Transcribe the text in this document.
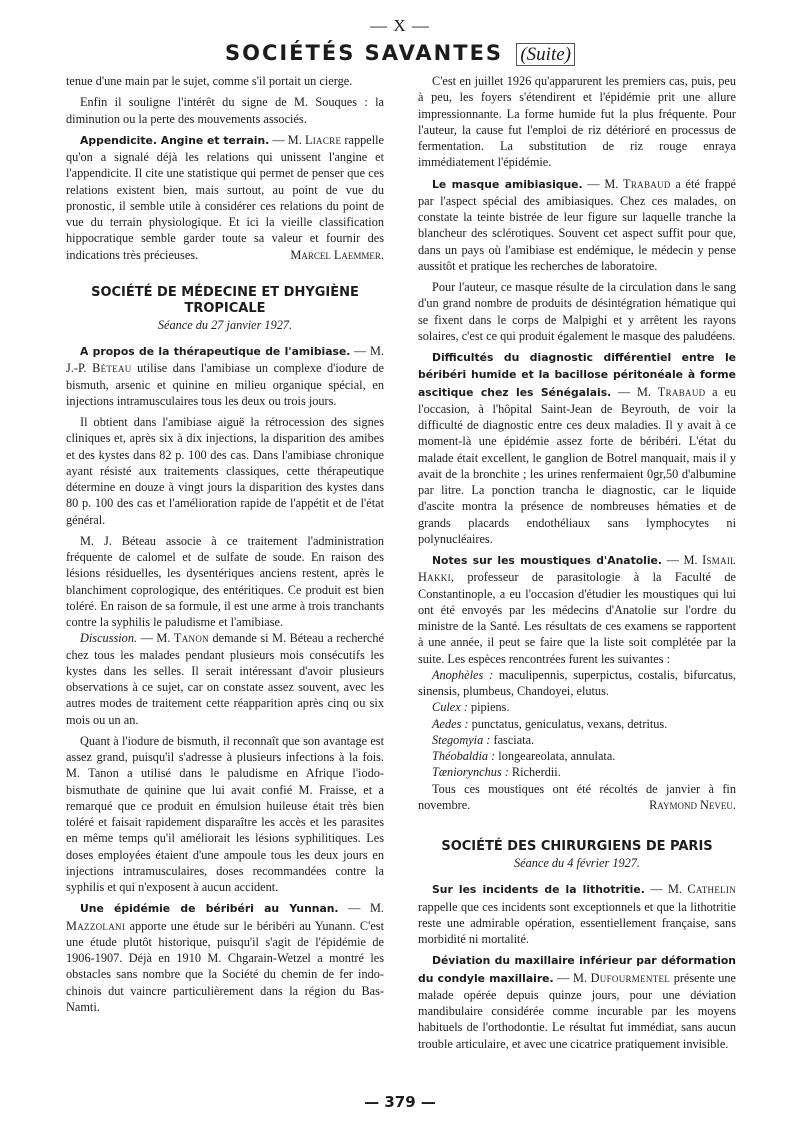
— X —
SOCIÉTÉS SAVANTES (Suite)

tenue d'une main par le sujet, comme s'il portait un cierge.

Enfin il souligne l'intérêt du signe de M. Souques : la diminution ou la perte des mouvements associés.

Appendicite. Angine et terrain. — M. Liacre rappelle qu'on a signalé déjà les relations qui unissent l'angine et l'appendicite. Il cite une statistique qui permet de penser que ces relations existent bien, mais surtout, au point de vue du pronostic, il semble utile à considérer ces relations du point de vue du terrain physiologique. Et ici la vieille classification hippocratique semble garder toute sa valeur et fournir des indications très précieuses.	Marcel Laemmer.

SOCIÉTÉ DE MÉDECINE ET DHYGIÈNE
TROPICALE

Séance du 27 janvier 1927.

A propos de la thérapeutique de l'amibiase. — M. J.-P. Béteau utilise dans l'amibiase un complexe d'iodure de bismuth, arsenic et quinine en milieu organique spécial, en injections intramusculaires tous les deux ou trois jours.

Il obtient dans l'amibiase aiguë la rétrocession des signes cliniques et, après six à dix injections, la disparition des amibes et des kystes dans 82 p. 100 des cas. Dans l'amibiase chronique ayant résisté aux traitements classiques, cette thérapeutique détermine en douze à vingt jours la disparition des kystes dans 80 p. 100 des cas et l'amélioration rapide de l'appétit et de l'état général.

M. J. Béteau associe à ce traitement l'administration fréquente de calomel et de sulfate de soude. En raison des lésions résiduelles, les dysentériques anciens restent, après le blanchiment coprologique, des entéritiques. Ce produit est bien toléré. En raison de sa formule, il est une arme à trois tranchants contre la syphilis le paludisme et l'amibiase.

Discussion. — M. Tanon demande si M. Béteau a recherché chez tous les malades pendant plusieurs mois consécutifs les kystes dans les selles. Il serait intéressant d'avoir plusieurs observations à ce sujet, car on constate assez souvent, avec les autres modes de traitement cette réapparition après cinq ou six mois ou un an.

Quant à l'iodure de bismuth, il reconnaît que son avantage est assez grand, puisqu'il s'adresse à plusieurs infections à la fois. M. Tanon a utilisé dans le paludisme en Afrique l'iodo-bismuthate de quinine que lui avait confié M. Fraisse, et a remarqué que ce produit en émulsion huileuse était très bien toléré et faisait rapidement disparaître les accès et les parasites en même temps qu'il améliorait les lésions syphilitiques. Les doses employées étaient d'une ampoule tous les deux jours en injections intramusculaires, doses recommandées contre la syphilis et qui n'exposent à aucun accident.

Une épidémie de béribéri au Yunnan. — M. Mazzolani apporte une étude sur le béribéri au Yunann. C'est une étude plutôt historique, puisqu'il s'agit de l'épidémie de 1906-1907. Déjà en 1910 M. Chgarain-Wetzel a montré les obstacles sans nombre que la Société du chemin de fer indo-chinois dut vaincre particulièrement dans la région du Bas-Namti.

C'est en juillet 1926 qu'apparurent les premiers cas, puis, peu à peu, les foyers s'étendirent et l'épidémie prit une allure impressionnante. La forme humide fut la plus fréquente. Pour l'auteur, la cause fut l'emploi de riz détérioré en processus de fermentation. La substitution de riz rouge enraya immédiatement l'épidémie.

Le masque amibiasique. — M. Trabaud a été frappé par l'aspect spécial des amibiasiques. Chez ces malades, on constate la teinte bistrée de leur figure sur laquelle tranche la blancheur des sclérotiques. Souvent cet aspect suffit pour que, dans un pays où l'amibiase est endémique, le médecin y pense aussitôt et pratique les recherches de laboratoire.

Pour l'auteur, ce masque résulte de la circulation dans le sang d'un grand nombre de produits de désintégration hématique qui se fixent dans le corps de Malpighi et y arrêtent les rayons solaires, c'est ce qui produit également le masque des paludéens.

Difficultés du diagnostic différentiel entre le béribéri humide et la bacillose péritonéale à forme ascitique chez les Sénégalais. — M. Trabaud a eu l'occasion, à l'hôpital Saint-Jean de Beyrouth, de voir la difficulté de diagnostic entre ces deux maladies. Il y avait à ce moment-là une épidémie assez forte de béribéri. L'état du malade était excellent, le ganglion de Botrel manquait, mais il y avait de la bronchite ; les urines renfermaient 0gr,50 d'albumine par litre. La ponction trancha le diagnostic, car le liquide d'ascite montra la présence de nombreuses hématies et de grands placards endothéliaux sans lymphocytes ni polynucléaires.

Notes sur les moustiques d'Anatolie. — M. Ismail Hakki, professeur de parasitologie à la Faculté de Constantinople, a eu l'occasion d'étudier les moustiques qui lui ont été envoyés par les médecins d'Anatolie sur l'ordre du ministre de la Santé. Les résultats de ces examens se rapportent à une année, il peut se faire que la liste soit complétée par la suite. Les espèces rencontrées furent les suivantes :

Anophèles : maculipennis, superpictus, costalis, bifurcatus, sinensis, plumbeus, Chandoyei, elutus.

Culex : pipiens.

Aedes : punctatus, geniculatus, vexans, detritus.

Stegomyia : fasciata.

Théobaldia : longeareolata, annulata.

Tæniorynchus : Richerdii.

Tous ces moustiques ont été récoltés de janvier à fin novembre.	Raymond Neveu.

SOCIÉTÉ DES CHIRURGIENS DE PARIS

Séance du 4 février 1927.

Sur les incidents de la lithotritie. — M. Cathelin rappelle que ces incidents sont exceptionnels et que la lithotritie reste une admirable opération, essentiellement française, sans morbidité ni mortalité.

Déviation du maxillaire inférieur par déformation du condyle maxillaire. — M. Dufourmentel présente une malade opérée depuis quinze jours, pour une déviation mandibulaire considérée comme incurable par les moyens habituels de l'orthodontie. Le résultat fut immédiat, sans aucun trouble articulaire, et avec une cicatrice pratiquement invisible.

— 379 —
